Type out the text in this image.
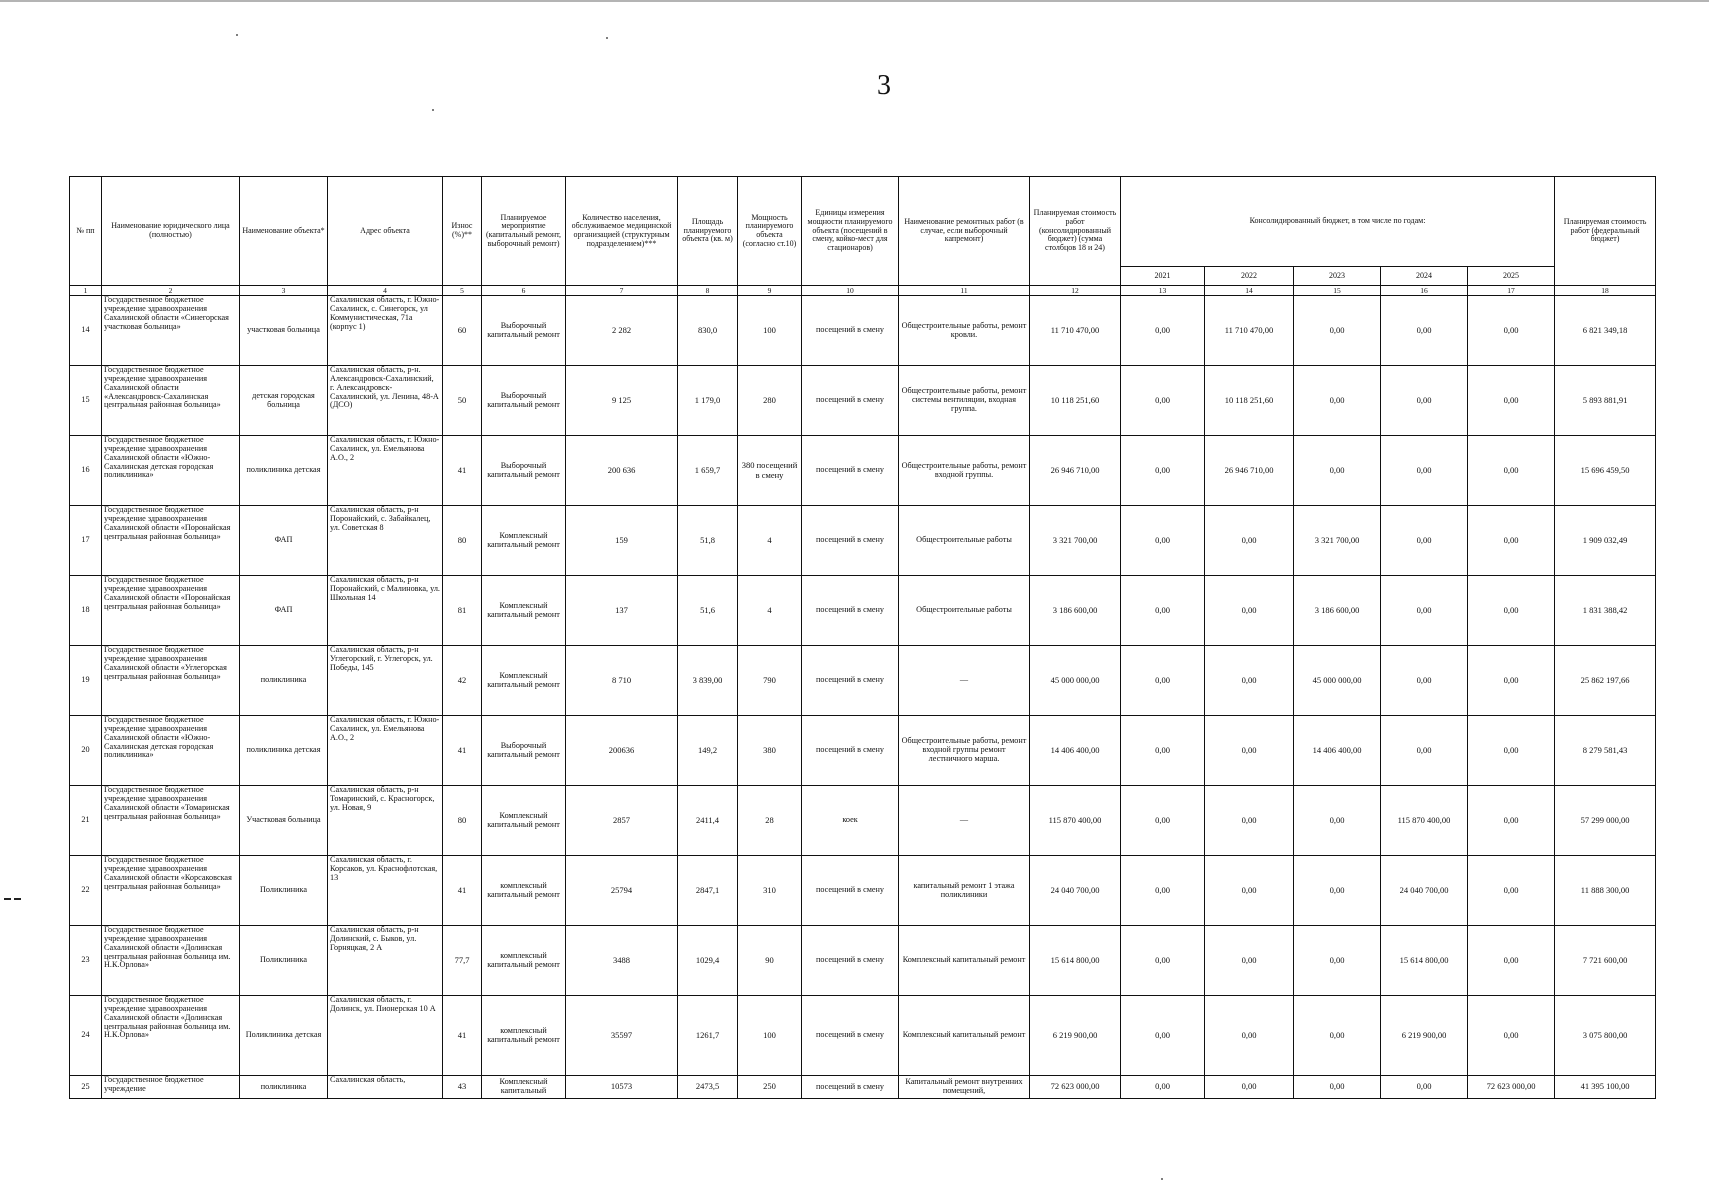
3
№ пп	Наименование юридического лица (полностью)	Наименование объекта*	Адрес объекта	Износ (%)**	Планируемое мероприятие (капитальный ремонт, выборочный ремонт)	Количество населения, обслуживаемое медицинской организацией (структурным подразделением)***	Площадь планируемого объекта (кв. м)	Мощность планируемого объекта (согласно ст.10)	Единицы измерения мощности планируемого объекта (посещений в смену, койко-мест для стационаров)	Наименование ремонтных работ (в случае, если выборочный капремонт)	Планируемая стоимость работ (консолидированный бюджет) (сумма столбцов 18 и 24)	Консолидированный бюджет, в том числе по годам:					Планируемая стоимость работ (федеральный бюджет)
												2021	2022	2023	2024	2025	
1	2	3	4	5	6	7	8	9	10	11	12	13	14	15	16	17	18
14	Государственное бюджетное учреждение здравоохранения Сахалинской области «Синегорская участковая больница»	участковая больница	Сахалинская область, г. Южно-Сахалинск, с. Синегорск, ул Коммунистическая, 71а (корпус 1)	60	Выборочный капитальный ремонт	2 282	830,0	100	посещений в смену	Общестроительные работы, ремонт кровли.	11 710 470,00	0,00	11 710 470,00	0,00	0,00	0,00	6 821 349,18
15	Государственное бюджетное учреждение здравоохранения Сахалинской области «Александровск-Сахалинская центральная районная больница»	детская городская больница	Сахалинская область, р-н. Александровск-Сахалинский, г. Александровск-Сахалинский, ул. Ленина, 48-А (ДСО)	50	Выборочный капитальный ремонт	9 125	1 179,0	280	посещений в смену	Общестроительные работы, ремонт системы вентиляции, входная группа.	10 118 251,60	0,00	10 118 251,60	0,00	0,00	0,00	5 893 881,91
16	Государственное бюджетное учреждение здравоохранения Сахалинской области «Южно-Сахалинская детская городская поликлиника»	поликлиника детская	Сахалинская область, г. Южно-Сахалинск, ул. Емельянова А.О., 2	41	Выборочный капитальный ремонт	200 636	1 659,7	380 посещений в смену	посещений в смену	Общестроительные работы, ремонт входной группы.	26 946 710,00	0,00	26 946 710,00	0,00	0,00	0,00	15 696 459,50
17	Государственное бюджетное учреждение здравоохранения Сахалинской области «Поронайская центральная районная больница»	ФАП	Сахалинская область, р-н Поронайский, с. Забайкалец, ул. Советская 8	80	Комплексный капитальный ремонт	159	51,8	4	посещений в смену	Общестроительные работы	3 321 700,00	0,00	0,00	3 321 700,00	0,00	0,00	1 909 032,49
18	Государственное бюджетное учреждение здравоохранения Сахалинской области «Поронайская центральная районная больница»	ФАП	Сахалинская область, р-н Поронайский, с Малиновка, ул. Школьная 14	81	Комплексный капитальный ремонт	137	51,6	4	посещений в смену	Общестроительные работы	3 186 600,00	0,00	0,00	3 186 600,00	0,00	0,00	1 831 388,42
19	Государственное бюджетное учреждение здравоохранения Сахалинской области «Углегорская центральная районная больница»	поликлиника	Сахалинская область, р-н Углегорский, г. Углегорск, ул. Победы, 145	42	Комплексный капитальный ремонт	8 710	3 839,00	790	посещений в смену	—	45 000 000,00	0,00	0,00	45 000 000,00	0,00	0,00	25 862 197,66
20	Государственное бюджетное учреждение здравоохранения Сахалинской области «Южно-Сахалинская детская городская поликлиника»	поликлиника детская	Сахалинская область, г. Южно-Сахалинск, ул. Емельянова А.О., 2	41	Выборочный капитальный ремонт	200636	149,2	380	посещений в смену	Общестроительные работы, ремонт входной группы ремонт лестничного марша.	14 406 400,00	0,00	0,00	14 406 400,00	0,00	0,00	8 279 581,43
21	Государственное бюджетное учреждение здравоохранения Сахалинской области «Томаринская центральная районная больница»	Участковая больница	Сахалинская область, р-н Томаринский, с. Красногорск, ул. Новая, 9	80	Комплексный капитальный ремонт	2857	2411,4	28	коек	—	115 870 400,00	0,00	0,00	0,00	115 870 400,00	0,00	57 299 000,00
22	Государственное бюджетное учреждение здравоохранения Сахалинской области «Корсаковская центральная районная больница»	Поликлиника	Сахалинская область, г. Корсаков, ул. Краснофлотская, 13	41	комплексный капитальный ремонт	25794	2847,1	310	посещений в смену	капитальный ремонт 1 этажа поликлиники	24 040 700,00	0,00	0,00	0,00	24 040 700,00	0,00	11 888 300,00
23	Государственное бюджетное учреждение здравоохранения Сахалинской области «Долинская центральная районная больница им. Н.К.Орлова»	Поликлиника	Сахалинская область, р-н Долинский, с. Быков, ул. Горняцкая, 2 А	77,7	комплексный капитальный ремонт	3488	1029,4	90	посещений в смену	Комплексный капитальный ремонт	15 614 800,00	0,00	0,00	0,00	15 614 800,00	0,00	7 721 600,00
24	Государственное бюджетное учреждение здравоохранения Сахалинской области «Долинская центральная районная больница им. Н.К.Орлова»	Поликлиника детская	Сахалинская область, г. Долинск, ул. Пионерская 10 А	41	комплексный капитальный ремонт	35597	1261,7	100	посещений в смену	Комплексный капитальный ремонт	6 219 900,00	0,00	0,00	0,00	6 219 900,00	0,00	3 075 800,00
25	Государственное бюджетное учреждение	поликлиника	Сахалинская область,	43	Комплексный капитальный	10573	2473,5	250	посещений в смену	Капитальный ремонт внутренних помещений,	72 623 000,00	0,00	0,00	0,00	0,00	72 623 000,00	41 395 100,00
